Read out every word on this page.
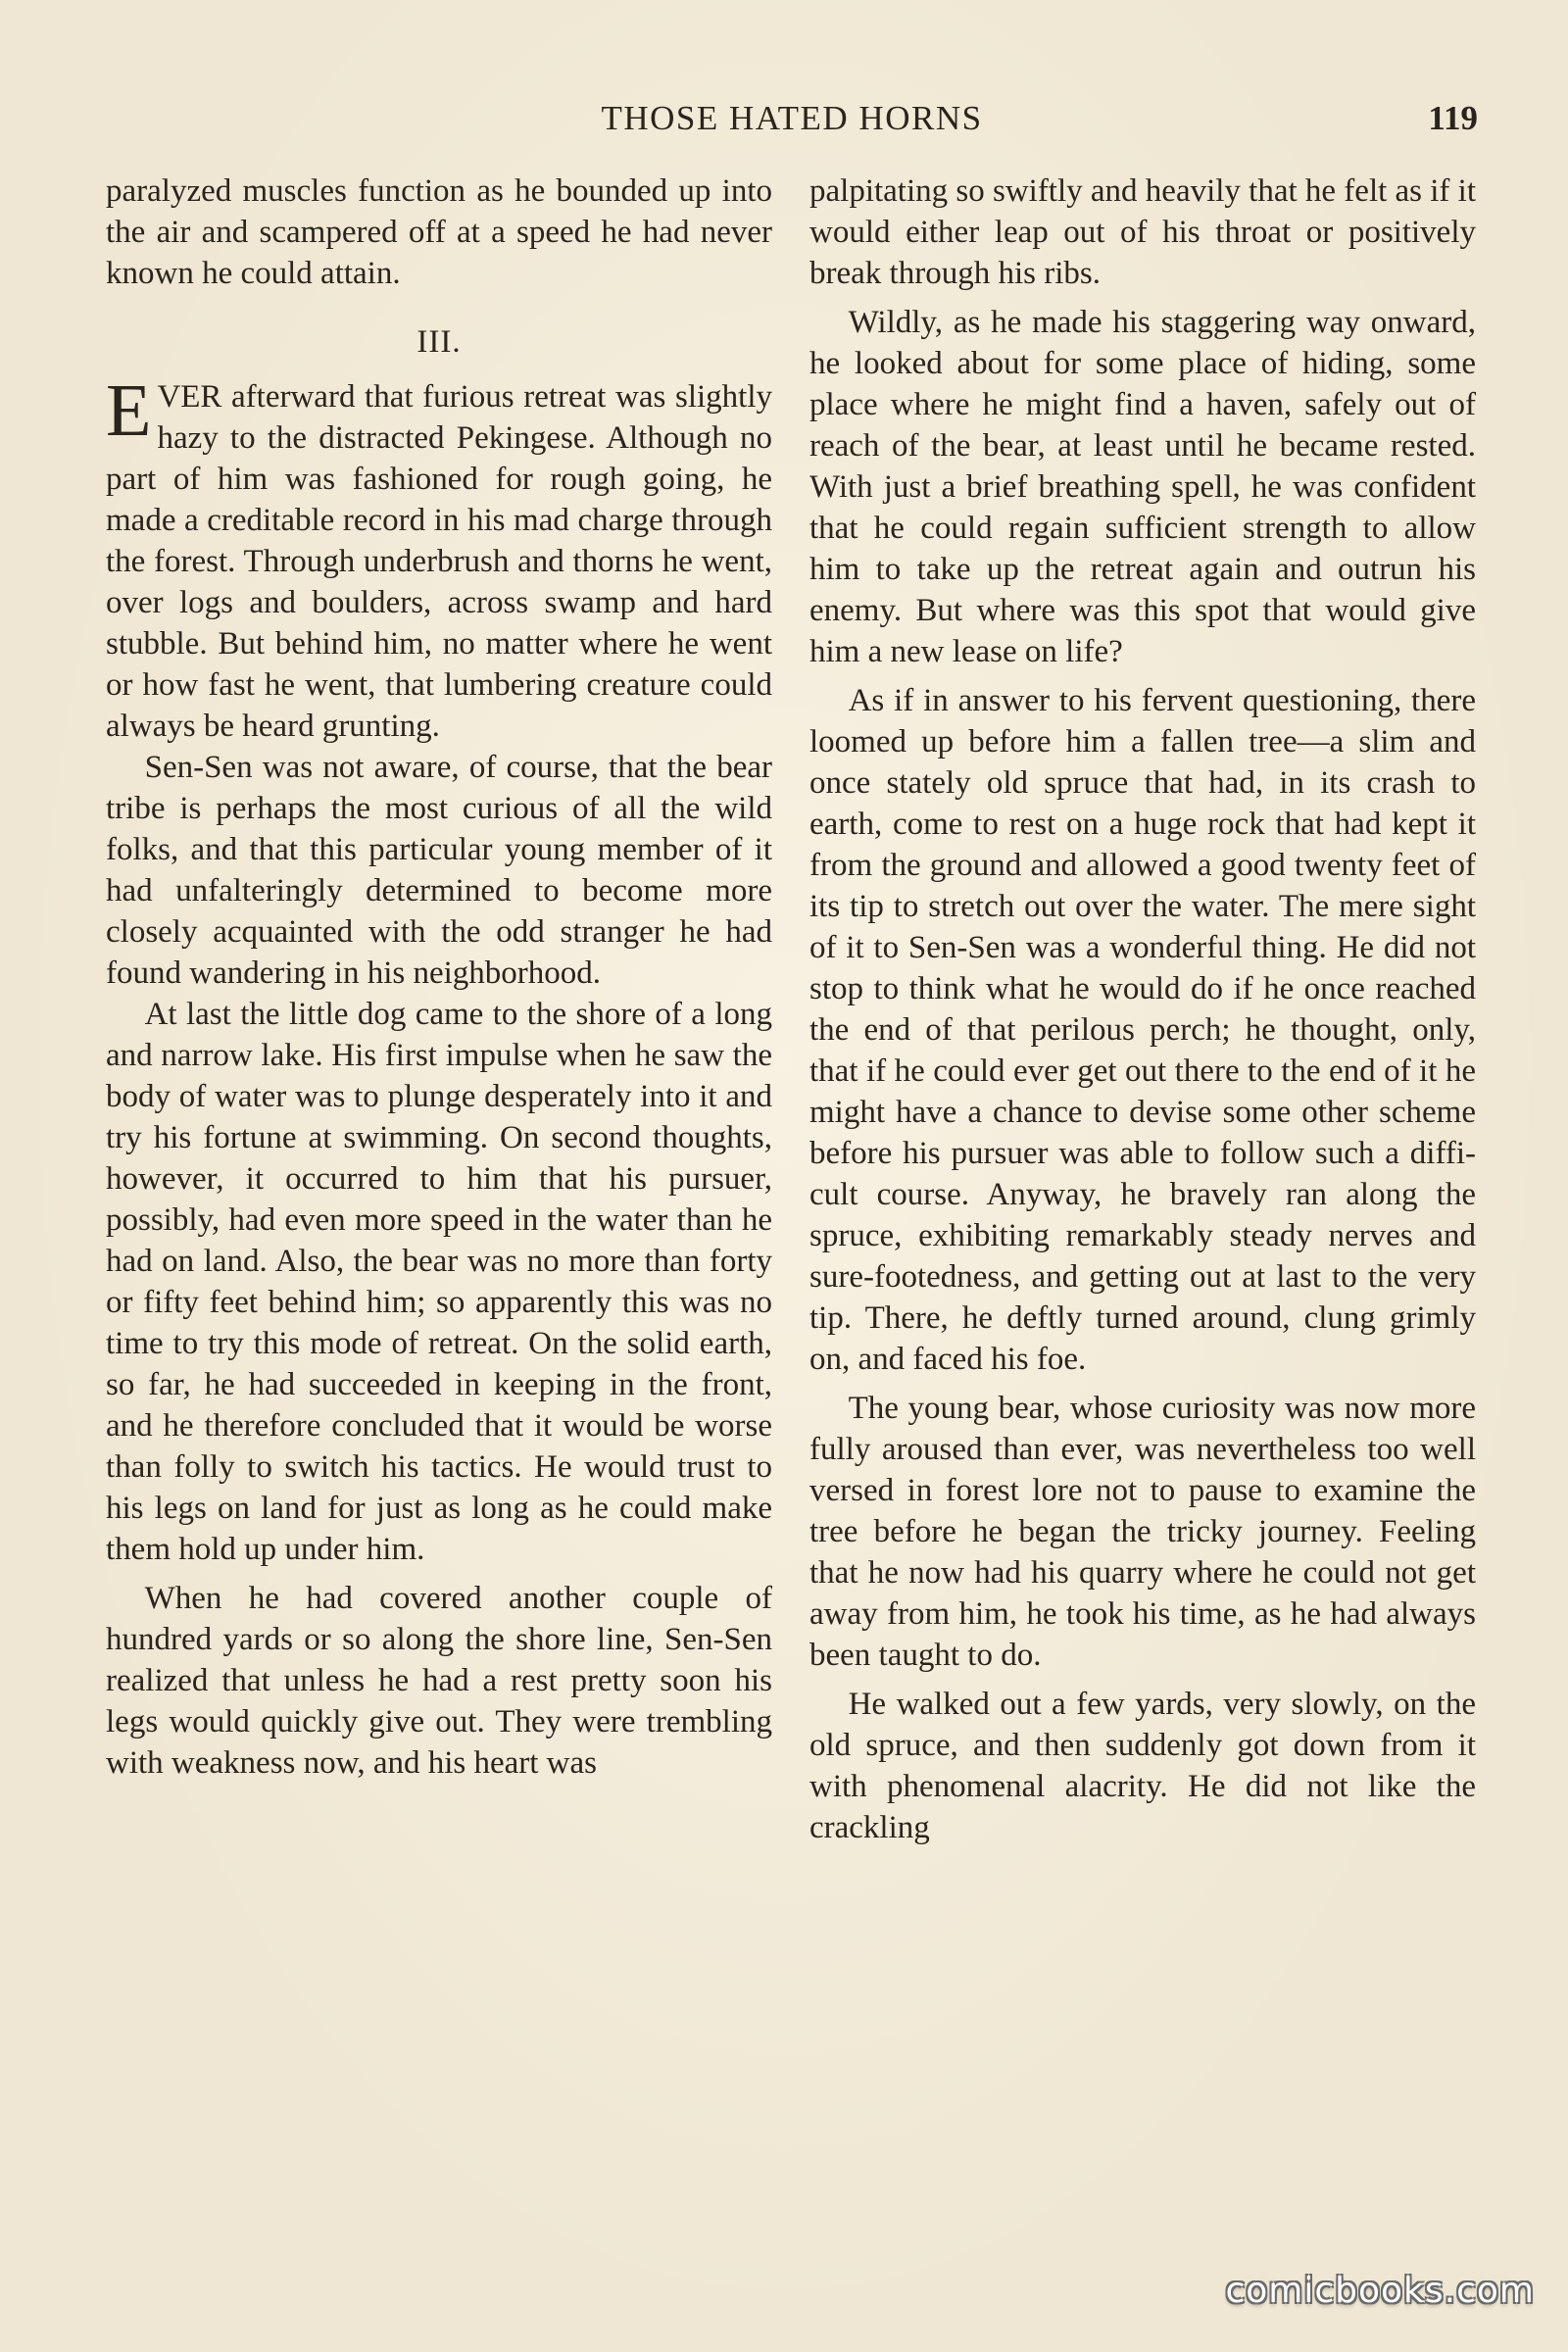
THOSE HATED HORNS	119

paralyzed muscles function as he bounded up into the air and scampered off at a speed he had never known he could attain.

III.

EVER afterward that furious retreat was slightly hazy to the distracted Pekingese. Although no part of him was fashioned for rough going, he made a creditable record in his mad charge through the forest. Through underbrush and thorns he went, over logs and boulders, across swamp and hard stubble. But behind him, no matter where he went or how fast he went, that lumbering creature could always be heard grunting.

Sen-Sen was not aware, of course, that the bear tribe is perhaps the most curious of all the wild folks, and that this particular young member of it had unfalteringly determined to become more closely acquainted with the odd stranger he had found wandering in his neighborhood.

At last the little dog came to the shore of a long and narrow lake. His first impulse when he saw the body of water was to plunge desperately into it and try his fortune at swimming. On second thoughts, however, it occurred to him that his pursuer, possibly, had even more speed in the water than he had on land. Also, the bear was no more than forty or fifty feet behind him; so apparently this was no time to try this mode of retreat. On the solid earth, so far, he had succeeded in keeping in the front, and he therefore concluded that it would be worse than folly to switch his tactics. He would trust to his legs on land for just as long as he could make them hold up under him.

When he had covered another couple of hundred yards or so along the shore line, Sen-Sen realized that unless he had a rest pretty soon his legs would quickly give out. They were trembling with weakness now, and his heart was

palpitating so swiftly and heavily that he felt as if it would either leap out of his throat or positively break through his ribs.

Wildly, as he made his staggering way onward, he looked about for some place of hiding, some place where he might find a haven, safely out of reach of the bear, at least until he became rested. With just a brief breathing spell, he was confident that he could regain sufficient strength to allow him to take up the retreat again and outrun his enemy. But where was this spot that would give him a new lease on life?

As if in answer to his fervent questioning, there loomed up before him a fallen tree—a slim and once stately old spruce that had, in its crash to earth, come to rest on a huge rock that had kept it from the ground and allowed a good twenty feet of its tip to stretch out over the water. The mere sight of it to Sen-Sen was a wonderful thing. He did not stop to think what he would do if he once reached the end of that perilous perch; he thought, only, that if he could ever get out there to the end of it he might have a chance to devise some other scheme before his pursuer was able to follow such a difficult course. Anyway, he bravely ran along the spruce, exhibiting remarkably steady nerves and sure-footedness, and getting out at last to the very tip. There, he deftly turned around, clung grimly on, and faced his foe.

The young bear, whose curiosity was now more fully aroused than ever, was nevertheless too well versed in forest lore not to pause to examine the tree before he began the tricky journey. Feeling that he now had his quarry where he could not get away from him, he took his time, as he had always been taught to do.

He walked out a few yards, very slowly, on the old spruce, and then suddenly got down from it with phenomenal alacrity. He did not like the crackling

comicbooks.com
